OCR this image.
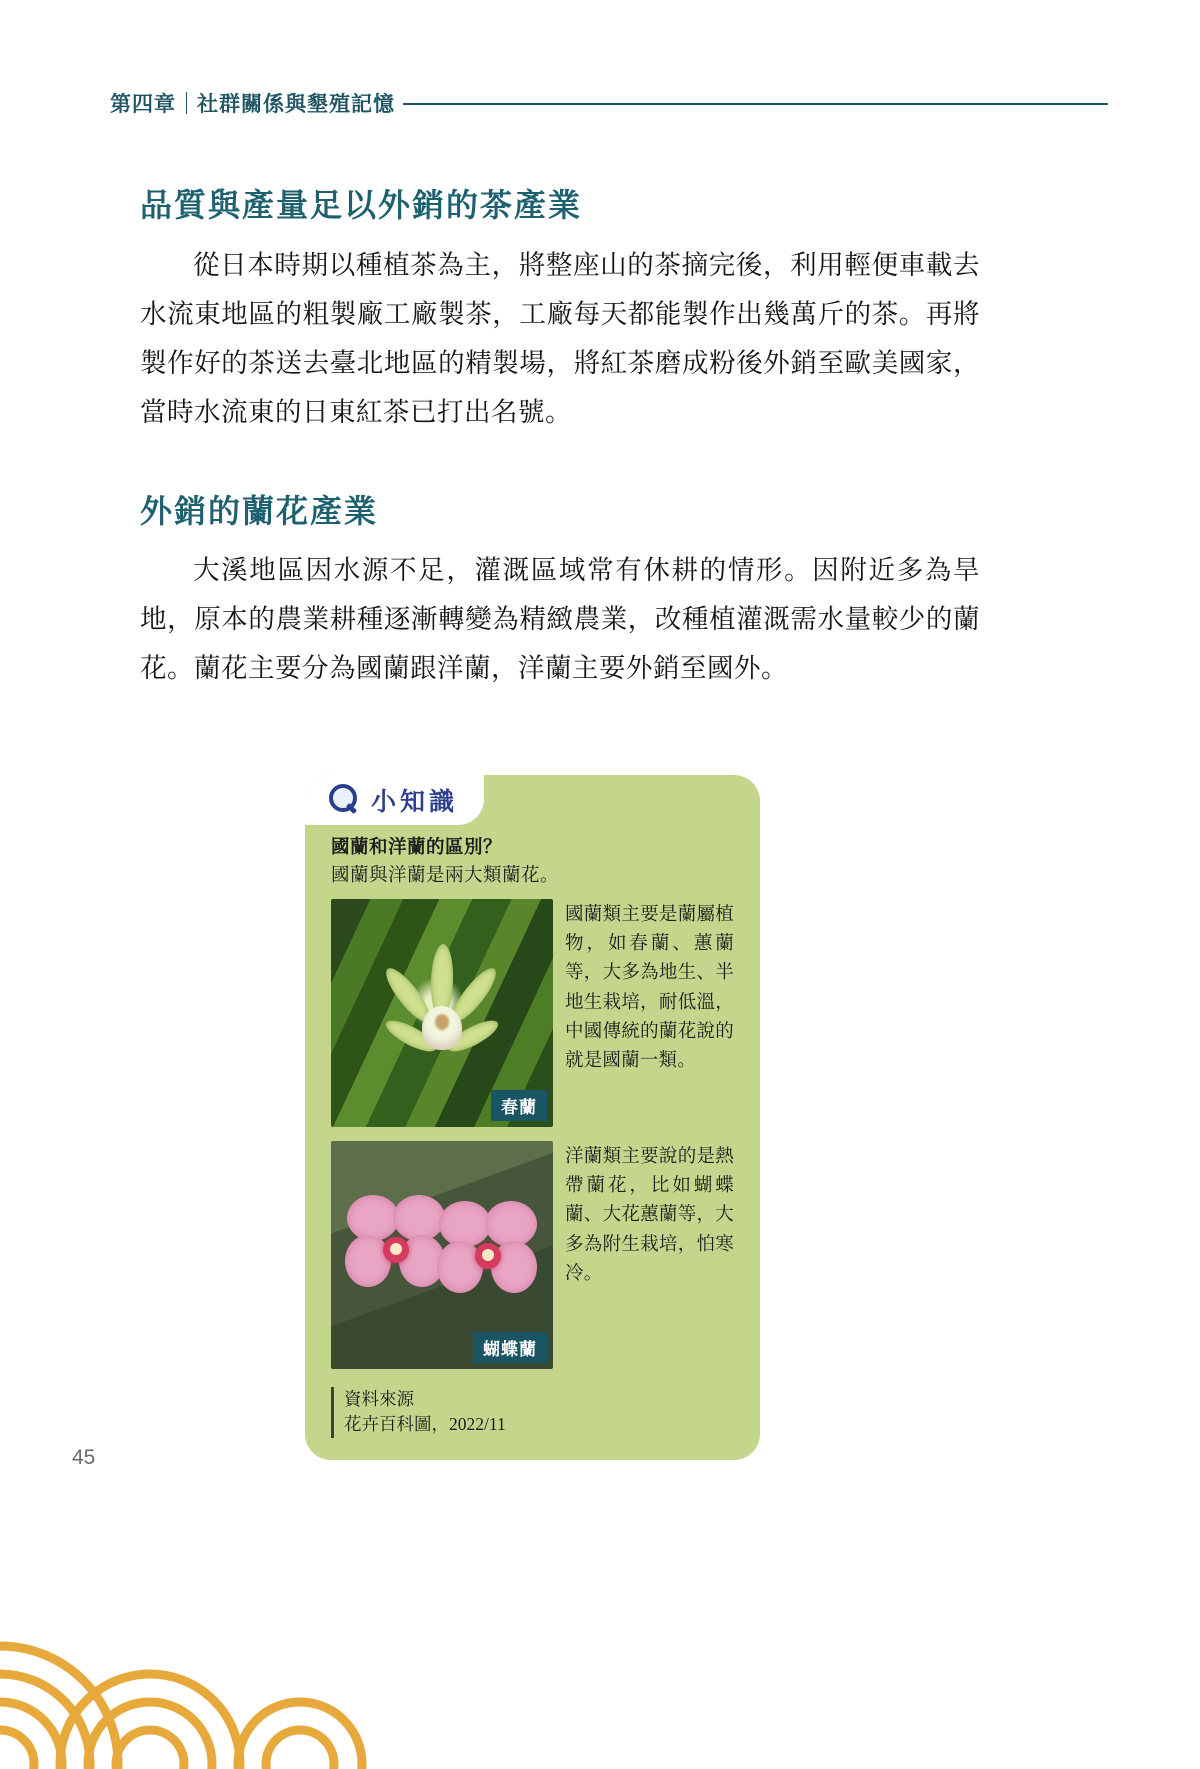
第四章 社群關係與墾殖記憶
品質與產量足以外銷的茶產業

從日本時期以種植茶為主，將整座山的茶摘完後，利用輕便車載去水流東地區的粗製廠工廠製茶，工廠每天都能製作出幾萬斤的茶。再將製作好的茶送去臺北地區的精製場，將紅茶磨成粉後外銷至歐美國家，當時水流東的日東紅茶已打出名號。

外銷的蘭花產業

大溪地區因水源不足，灌溉區域常有休耕的情形。因附近多為旱地，原本的農業耕種逐漸轉變為精緻農業，改種植灌溉需水量較少的蘭花。蘭花主要分為國蘭跟洋蘭，洋蘭主要外銷至國外。

小知識
國蘭和洋蘭的區別？
國蘭與洋蘭是兩大類蘭花。
春蘭
國蘭類主要是蘭屬植物，如春蘭、蕙蘭等，大多為地生、半地生栽培，耐低溫，中國傳統的蘭花說的就是國蘭一類。
蝴蝶蘭
洋蘭類主要說的是熱帶蘭花，比如蝴蝶蘭、大花蕙蘭等，大多為附生栽培，怕寒冷。
資料來源
花卉百科圖，2022/11
45
